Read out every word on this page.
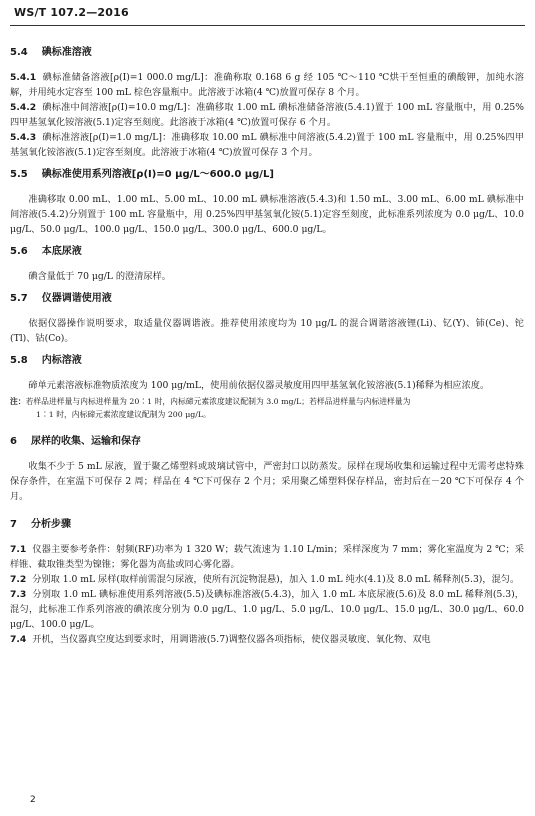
WS/T 107.2—2016
5.4 碘标准溶液
5.4.1 碘标准储备溶液[ρ(I)=1 000.0 mg/L]：准确称取 0.168 6 g 经 105 ℃～110 ℃烘干至恒重的碘酸钾，加纯水溶解，并用纯水定容至 100 mL 棕色容量瓶中。此溶液于冰箱(4 ℃)放置可保存 8 个月。
5.4.2 碘标准中间溶液[ρ(I)=10.0 mg/L]：准确移取 1.00 mL 碘标准储备溶液(5.4.1)置于 100 mL 容量瓶中，用 0.25%四甲基氢氧化铵溶液(5.1)定容至刻度。此溶液于冰箱(4 ℃)放置可保存 6 个月。
5.4.3 碘标准溶液[ρ(I)=1.0 mg/L]：准确移取 10.00 mL 碘标准中间溶液(5.4.2)置于 100 mL 容量瓶中，用 0.25%四甲基氢氧化铵溶液(5.1)定容至刻度。此溶液于冰箱(4 ℃)放置可保存 3 个月。
5.5 碘标准使用系列溶液[ρ(I)=0 μg/L～600.0 μg/L]
准确移取 0.00 mL、1.00 mL、5.00 mL、10.00 mL 碘标准溶液(5.4.3)和 1.50 mL、3.00 mL、6.00 mL 碘标准中间溶液(5.4.2)分别置于 100 mL 容量瓶中，用 0.25%四甲基氢氧化铵(5.1)定容至刻度，此标准系列浓度为 0.0 μg/L、10.0 μg/L、50.0 μg/L、100.0 μg/L、150.0 μg/L、300.0 μg/L、600.0 μg/L。
5.6 本底尿液
碘含量低于 70 μg/L 的澄清尿样。
5.7 仪器调谐使用液
依据仪器操作说明要求，取适量仪器调谐液。推荐使用浓度均为 10 μg/L 的混合调谐溶液锂(Li)、钇(Y)、铈(Ce)、铊(Tl)、钴(Co)。
5.8 内标溶液
碲单元素溶液标准物质浓度为 100 μg/mL，使用前依据仪器灵敏度用四甲基氢氧化铵溶液(5.1)稀释为相应浓度。
注：若样品进样量与内标进样量为 20∶1 时，内标碲元素浓度建议配制为 3.0 mg/L；若样品进样量与内标进样量为
1∶1 时，内标碲元素浓度建议配制为 200 μg/L。
6 尿样的收集、运输和保存
收集不少于 5 mL 尿液，置于聚乙烯塑料或玻璃试管中，严密封口以防蒸发。尿样在现场收集和运输过程中无需考虑特殊保存条件，在室温下可保存 2 周；样品在 4 ℃下可保存 2 个月；采用聚乙烯塑料保存样品，密封后在－20 ℃下可保存 4 个月。
7 分析步骤
7.1 仪器主要参考条件：射频(RF)功率为 1 320 W；载气流速为 1.10 L/min；采样深度为 7 mm；雾化室温度为 2 ℃；采样锥、截取锥类型为镍锥；雾化器为高盐或同心雾化器。
7.2 分别取 1.0 mL 尿样(取样前需混匀尿液，使所有沉淀物混悬)，加入 1.0 mL 纯水(4.1)及 8.0 mL 稀释剂(5.3)，混匀。
7.3 分别取 1.0 mL 碘标准使用系列溶液(5.5)及碘标准溶液(5.4.3)，加入 1.0 mL 本底尿液(5.6)及 8.0 mL 稀释剂(5.3)，混匀，此标准工作系列溶液的碘浓度分别为 0.0 μg/L、1.0 μg/L、5.0 μg/L、10.0 μg/L、15.0 μg/L、30.0 μg/L、60.0 μg/L、100.0 μg/L。
7.4 开机，当仪器真空度达到要求时，用调谐液(5.7)调整仪器各项指标，使仪器灵敏度、氧化物、双电
2
